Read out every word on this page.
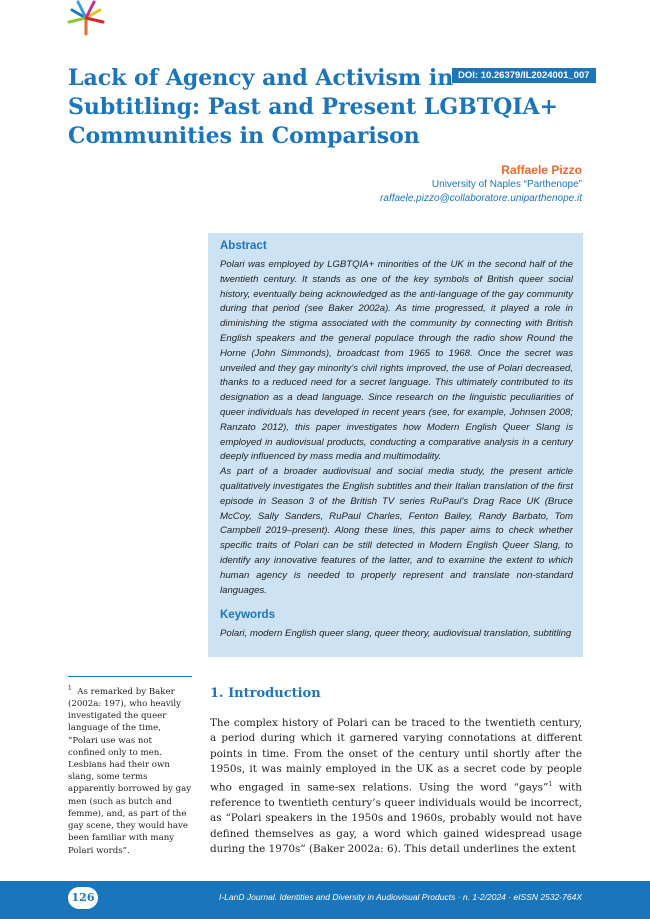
DOI: 10.26379/IL2024001_007
Lack of Agency and Activism in Subtitling: Past and Present LGBTQIA+ Communities in Comparison
Raffaele Pizzo
University of Naples “Parthenope”
raffaele.pizzo@collaboratore.uniparthenope.it
Abstract

Polari was employed by LGBTQIA+ minorities of the UK in the second half of the twentieth century. It stands as one of the key symbols of British queer social history, eventually being acknowledged as the anti-language of the gay community during that period (see Baker 2002a). As time progressed, it played a role in diminishing the stigma associated with the community by connecting with British English speakers and the general populace through the radio show Round the Horne (John Simmonds), broadcast from 1965 to 1968. Once the secret was unveiled and they gay minority’s civil rights improved, the use of Polari decreased, thanks to a reduced need for a secret language. This ultimately contributed to its designation as a dead language. Since research on the linguistic peculiarities of queer individuals has developed in recent years (see, for example, Johnsen 2008; Ranzato 2012), this paper investigates how Modern English Queer Slang is employed in audiovisual products, conducting a comparative analysis in a century deeply influenced by mass media and multimodality.

As part of a broader audiovisual and social media study, the present article qualitatively investigates the English subtitles and their Italian translation of the first episode in Season 3 of the British TV series RuPaul’s Drag Race UK (Bruce McCoy, Sally Sanders, RuPaul Charles, Fenton Bailey, Randy Barbato, Tom Campbell 2019–present). Along these lines, this paper aims to check whether specific traits of Polari can be still detected in Modern English Queer Slang, to identify any innovative features of the latter, and to examine the extent to which human agency is needed to properly represent and translate non-standard languages.

Keywords

Polari, modern English queer slang, queer theory, audiovisual translation, subtitling

$^1$ As remarked by Baker (2002a: 197), who heavily investigated the queer language of the time, “Polari use was not confined only to men. Lesbians had their own slang, some terms apparently borrowed by gay men (such as butch and femme), and, as part of the gay scene, they would have been familiar with many Polari words”.

1. Introduction

The complex history of Polari can be traced to the twentieth century, a period during which it garnered varying connotations at different points in time. From the onset of the century until shortly after the 1950s, it was mainly employed in the UK as a secret code by people who engaged in same-sex relations. Using the word “gays”$^1$ with reference to twentieth century’s queer individuals would be incorrect, as “Polari speakers in the 1950s and 1960s, probably would not have defined themselves as gay, a word which gained widespread usage during the 1970s” (Baker 2002a: 6). This detail underlines the extent

126	I-LanD Journal. Identities and Diversity in Audiovisual Products · n. 1-2/2024 · eISSN 2532-764X
